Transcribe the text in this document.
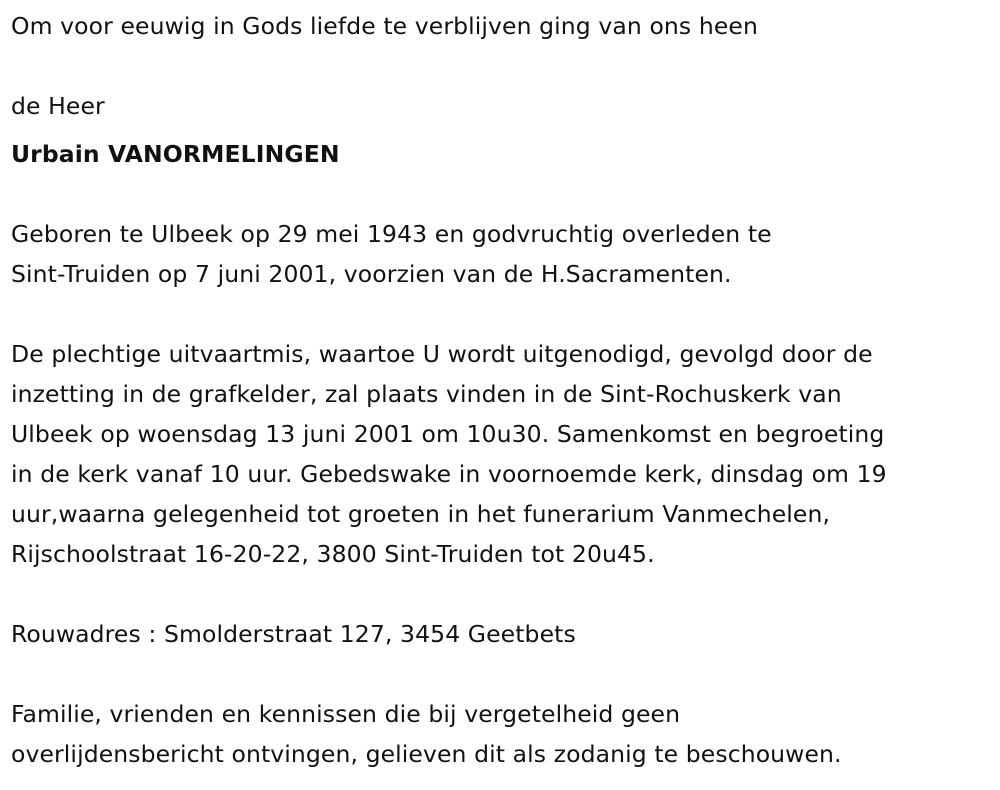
Om voor eeuwig in Gods liefde te verblijven ging van ons heen
de Heer
Urbain VANORMELINGEN
Geboren te Ulbeek op 29 mei 1943 en godvruchtig overleden te
Sint-Truiden op 7 juni 2001, voorzien van de H.Sacramenten.
De plechtige uitvaartmis, waartoe U wordt uitgenodigd, gevolgd door de
inzetting in de grafkelder, zal plaats vinden in de Sint-Rochuskerk van
Ulbeek op woensdag 13 juni 2001 om 10u30. Samenkomst en begroeting
in de kerk vanaf 10 uur. Gebedswake in voornoemde kerk, dinsdag om 19
uur,waarna gelegenheid tot groeten in het funerarium Vanmechelen,
Rijschoolstraat 16-20-22, 3800 Sint-Truiden tot 20u45.
Rouwadres : Smolderstraat 127, 3454 Geetbets
Familie, vrienden en kennissen die bij vergetelheid geen
overlijdensbericht ontvingen, gelieven dit als zodanig te beschouwen.
